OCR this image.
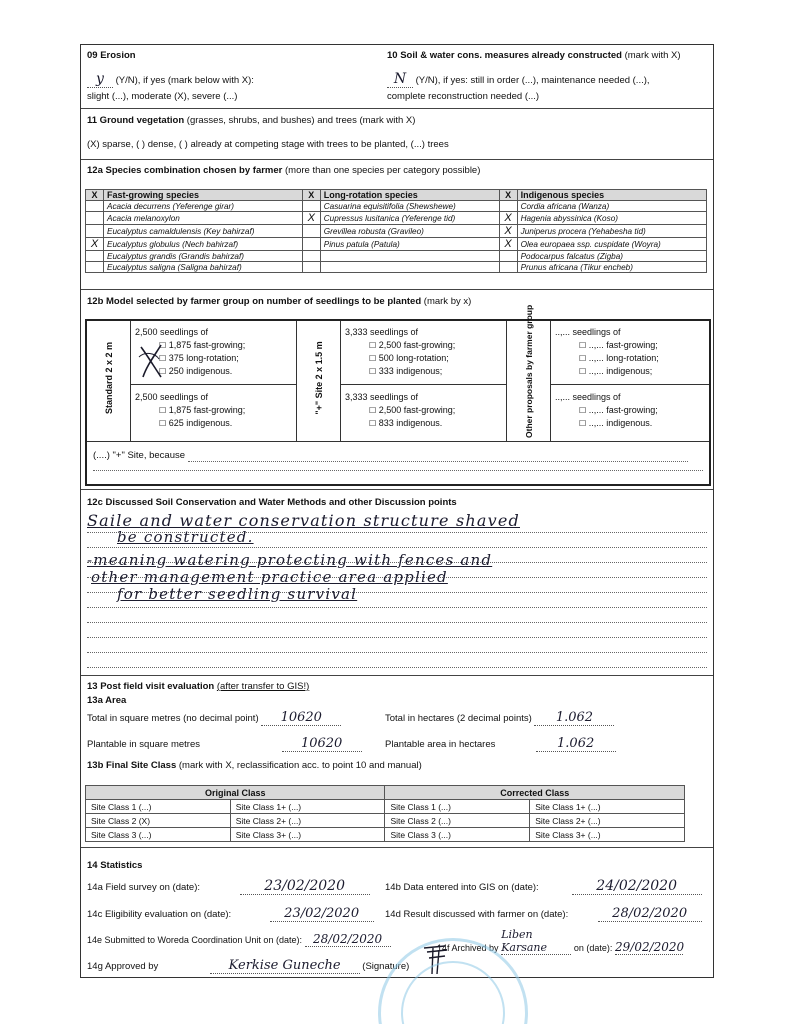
09 Erosion
y (Y/N), if yes (mark below with X):
slight (...), moderate (X), severe (...)
10 Soil & water cons. measures already constructed (mark with X)
N (Y/N), if yes: still in order (...), maintenance needed (...),
complete reconstruction needed (...)
11 Ground vegetation (grasses, shrubs, and bushes) and trees (mark with X)
(X) sparse, ( ) dense, ( ) already at competing stage with trees to be planted, (...) trees
12a Species combination chosen by farmer (more than one species per category possible)
X	Fast-growing species	X	Long-rotation species	X	Indigenous species
	Acacia decurrens (Yeferenge girar)		Casuarina equisitifolia (Shewshewe)		Cordia africana (Wanza)
	Acacia melanoxylon	X	Cupressus lusitanica (Yeferenge tid)	X	Hagenia abyssinica (Koso)
	Eucalyptus camaldulensis (Key bahirzaf)		Grevillea robusta (Gravileo)	X	Juniperus procera (Yehabesha tid)
X	Eucalyptus globulus (Nech bahirzaf)		Pinus patula (Patula)	X	Olea europaea ssp. cuspidate (Woyra)
	Eucalyptus grandis (Grandis bahirzaf)				Podocarpus falcatus (Zigba)
	Eucalyptus saligna (Saligna bahirzaf)				Prunus africana (Tikur encheb)
12b Model selected by farmer group on number of seedlings to be planted (mark by x)
Standard 2 x 2 m
2,500 seedlings of
☐ 1,875 fast-growing;
☐ 375 long-rotation;
☐ 250 indigenous.
2,500 seedlings of
☐ 1,875 fast-growing;
☐ 625 indigenous.
"+" Site 2 x 1.5 m
3,333 seedlings of
☐ 2,500 fast-growing;
☐ 500 long-rotation;
☐ 333 indigenous;
3,333 seedlings of
☐ 2,500 fast-growing;
☐ 833 indigenous.	Other proposals by farmer group ..,... seedlings of
☐ ..,... fast-growing;
☐ ..,... long-rotation;
☐ ..,... indigenous;
..,... seedlings of
☐ ..,... fast-growing;
☐ ..,... indigenous.
(....) "+" Site, because
12c Discussed Soil Conservation and Water Methods and other Discussion points
Saile and water conservation structure shaved
be constructed.
-meaning watering protecting with fences and
other management practice area applied
for better seedling survival
13 Post field visit evaluation (after transfer to GIS!)
13a Area
Total in square metres (no decimal point) 10620	Total in hectares (2 decimal points) 1.062
Plantable in square metres	10620	Plantable area in hectares	1.062
13b Final Site Class (mark with X, reclassification acc. to point 10 and manual)
Original Class		Corrected Class	
Site Class 1 (...)	Site Class 1+ (...)	Site Class 1 (...)	Site Class 1+ (...)
Site Class 2 (X)	Site Class 2+ (...)	Site Class 2 (...)	Site Class 2+ (...)
Site Class 3 (...)	Site Class 3+ (...)	Site Class 3 (...)	Site Class 3+ (...)
14 Statistics
14a Field survey on (date):	23/02/2020	14b Data entered into GIS on (date):	24/02/2020
14c Eligibility evaluation on (date):	23/02/2020	14d Result discussed with farmer on (date):	28/02/2020
14e Submitted to Woreda Coordination Unit on (date): 28/02/2020
14f Archived by Liben Karsane	on (date): 29/02/2020
14g Approved by	Kerkise Guneche (Signature)
